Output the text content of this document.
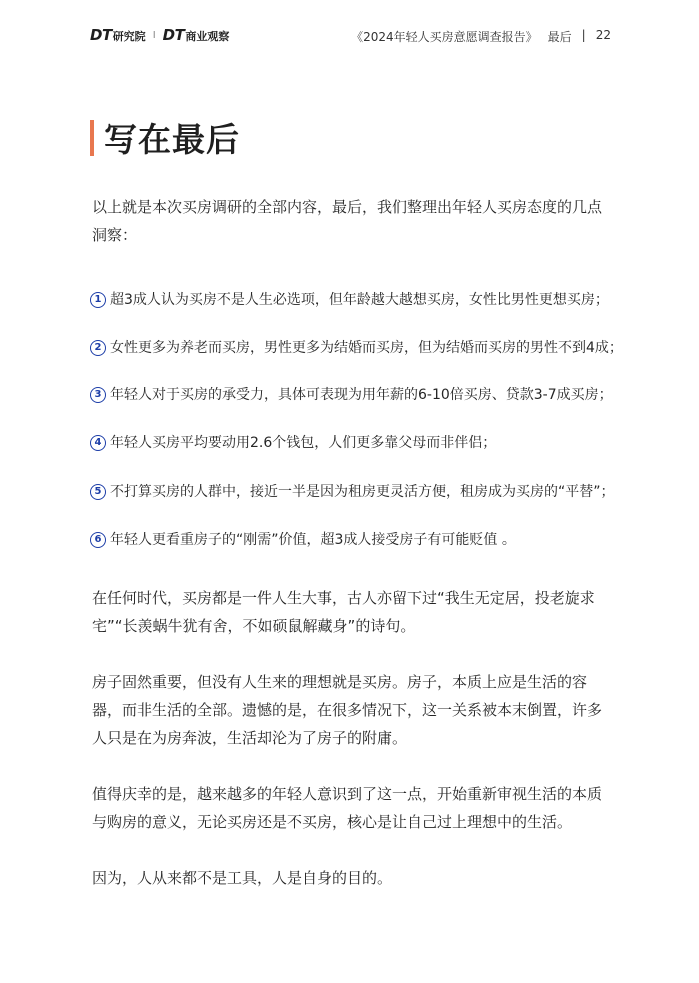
DT 研究院 I DT 商业观察	《2024年轻人买房意愿调查报告》 最后 | 22
写在最后

以上就是本次买房调研的全部内容，最后，我们整理出年轻人买房态度的几点洞察：

1 超3成人认为买房不是人生必选项，但年龄越大越想买房，女性比男性更想买房；
2 女性更多为养老而买房，男性更多为结婚而买房，但为结婚而买房的男性不到4成；
3 年轻人对于买房的承受力，具体可表现为用年薪的6-10倍买房、贷款3-7成买房；
4 年轻人买房平均要动用2.6个钱包，人们更多靠父母而非伴侣；
5 不打算买房的人群中，接近一半是因为租房更灵活方便，租房成为买房的“平替”；
6 年轻人更看重房子的“刚需”价值，超3成人接受房子有可能贬值 。

在任何时代，买房都是一件人生大事，古人亦留下过“我生无定居，投老旋求宅”“长羡蜗牛犹有舍，不如硕鼠解藏身”的诗句。

房子固然重要，但没有人生来的理想就是买房。房子，本质上应是生活的容器，而非生活的全部。遗憾的是，在很多情况下，这一关系被本末倒置，许多人只是在为房奔波，生活却沦为了房子的附庸。

值得庆幸的是，越来越多的年轻人意识到了这一点，开始重新审视生活的本质与购房的意义，无论买房还是不买房，核心是让自己过上理想中的生活。

因为，人从来都不是工具，人是自身的目的。
